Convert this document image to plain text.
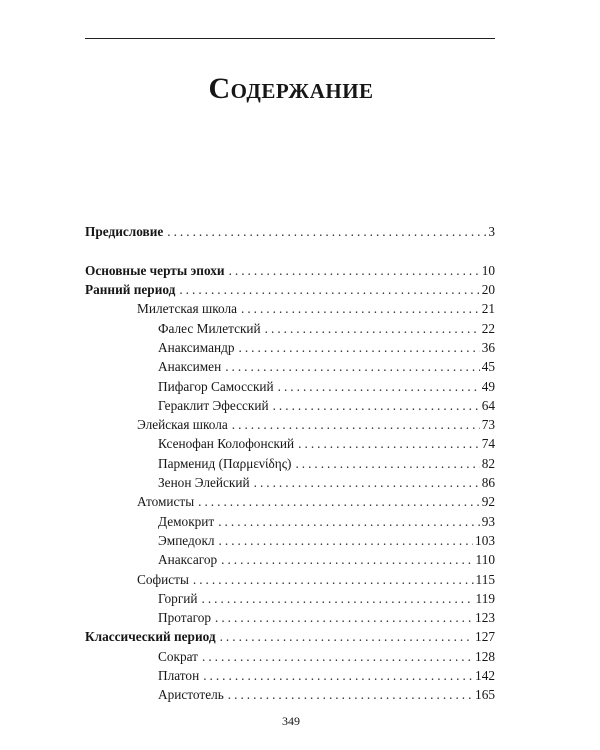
Содержание
Предисловие .....	3
Основные черты эпохи .....	10
Ранний период .....	20
Милетская школа .....	21
Фалес Милетский .....	22
Анаксимандр .....	36
Анаксимен .....	45
Пифагор Самосский .....	49
Гераклит Эфесский .....	64
Элейская школа .....	73
Ксенофан Колофонский .....	74
Парменид (Παρμενίδης) .....	82
Зенон Элейский .....	86
Атомисты .....	92
Демокрит .....	93
Эмпедокл .....	103
Анаксагор .....	110
Софисты .....	115
Горгий .....	119
Протагор .....	123
Классический период .....	127
Сократ .....	128
Платон .....	142
Аристотель .....	165
349
